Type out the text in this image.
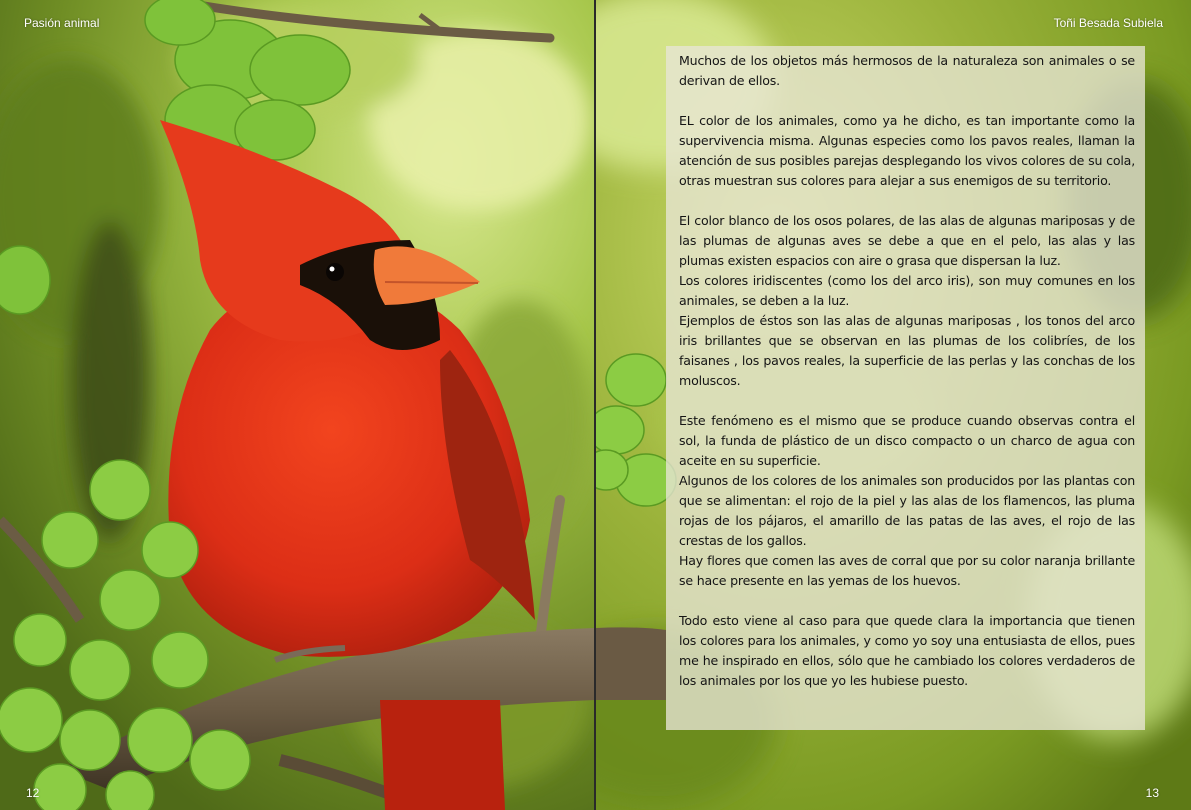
Pasión animal
12
Toñi Besada Subiela

Muchos de los objetos más hermosos de la naturaleza son animales o se derivan de ellos.

EL color de los animales, como ya he dicho, es tan importante como la supervivencia misma. Algunas especies como los pavos reales, llaman la atención de sus posibles parejas desplegando los vivos colores de su cola, otras muestran sus colores para alejar a sus enemigos de su territorio.

El color blanco de los osos polares, de las alas de algunas mariposas y de las plumas de algunas aves se debe a que en el pelo, las alas y las plumas existen espacios con aire o grasa que dispersan la luz.
Los colores iridiscentes (como los del arco iris), son muy comunes en los animales, se deben a la luz.
Ejemplos de éstos son las alas de algunas mariposas , los tonos del arco iris brillantes que se observan en las plumas de los colibríes, de los faisanes , los pavos reales, la superficie de las perlas y las conchas de los moluscos.

Este fenómeno es el mismo que se produce cuando observas contra el sol, la funda de plástico de un disco compacto o un charco de agua con aceite en su superficie.
Algunos de los colores de los animales son producidos por las plantas con que se alimentan: el rojo de la piel y las alas de los flamencos, las pluma rojas de los pájaros, el amarillo de las patas de las aves, el rojo de las crestas de los gallos.
Hay flores que comen las aves de corral que por su color naranja brillante se hace presente en las yemas de los huevos.

Todo esto viene al caso para que quede clara la importancia que tienen los colores para los animales, y como yo soy una entusiasta de ellos, pues me he inspirado en ellos, sólo que he cambiado los colores verdaderos de los animales por los que yo les hubiese puesto.

13
